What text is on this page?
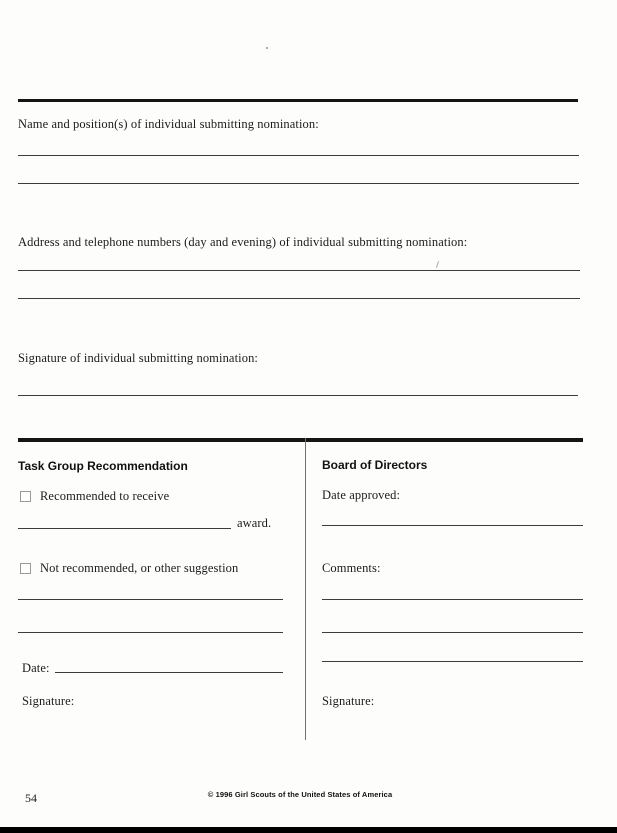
Name and position(s) of individual submitting nomination:
Address and telephone numbers (day and evening) of individual submitting nomination:
Signature of individual submitting nomination:
Task Group Recommendation
Recommended to receive
award.
Not recommended, or other suggestion
Date:
Signature:
Board of Directors
Date approved:
Comments:
Signature:
54	© 1996 Girl Scouts of the United States of America
